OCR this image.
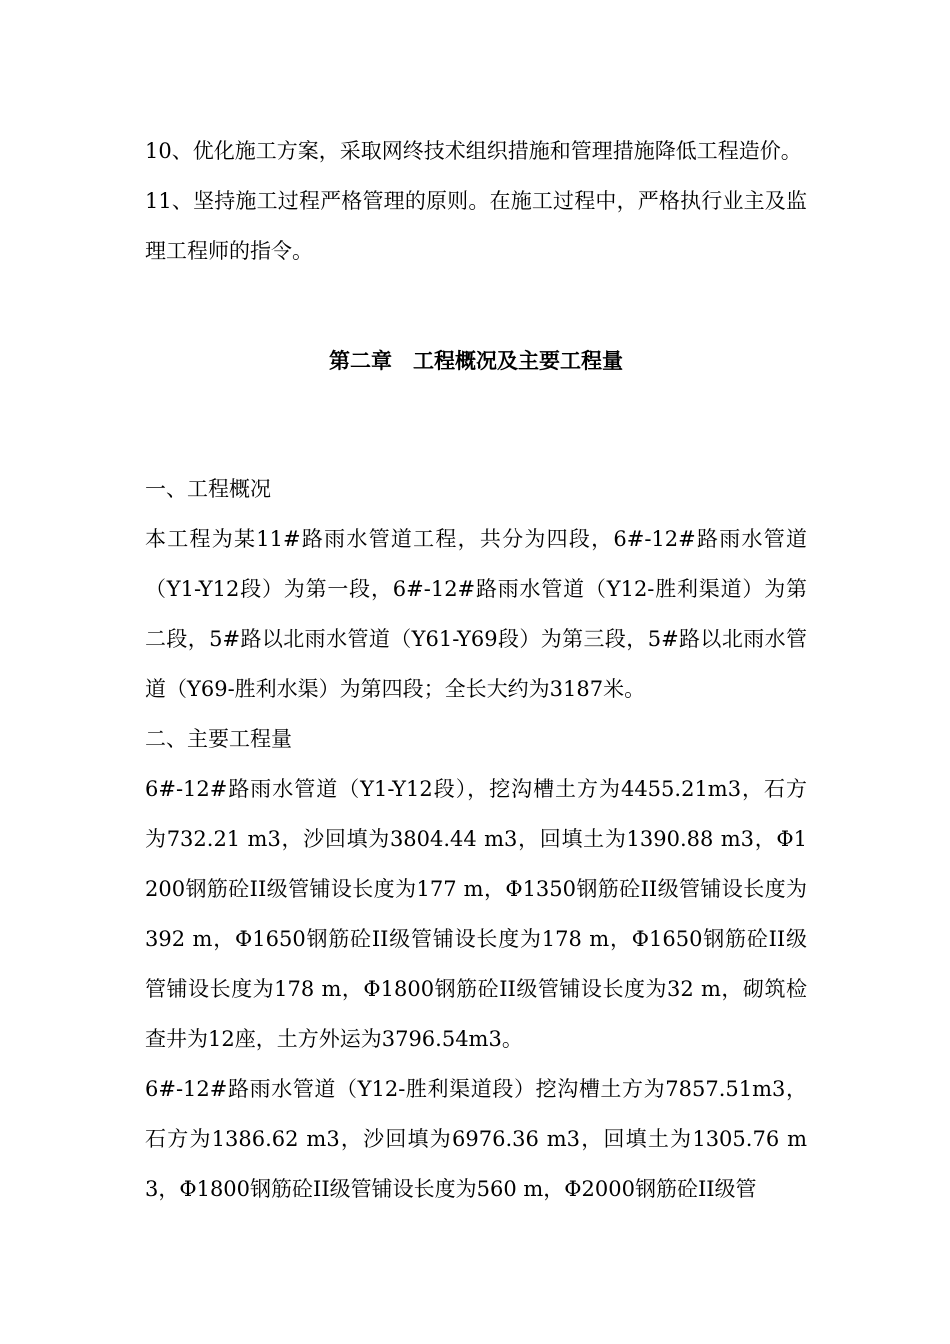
10、优化施工方案，采取网终技术组织措施和管理措施降低工程造价。

11、坚持施工过程严格管理的原则。在施工过程中，严格执行业主及监理工程师的指令。

第二章　工程概况及主要工程量

一、工程概况

本工程为某11#路雨水管道工程，共分为四段，6#-12#路雨水管道（Y1-Y12段）为第一段，6#-12#路雨水管道（Y12-胜利渠道）为第二段，5#路以北雨水管道（Y61-Y69段）为第三段，5#路以北雨水管道（Y69-胜利水渠）为第四段；全长大约为3187米。

二、主要工程量

6#-12#路雨水管道（Y1-Y12段），挖沟槽土方为4455.21m3，石方为732.21 m3，沙回填为3804.44 m3，回填土为1390.88 m3，Φ1200钢筋砼II级管铺设长度为177 m，Φ1350钢筋砼II级管铺设长度为392 m，Φ1650钢筋砼II级管铺设长度为178 m，Φ1650钢筋砼II级管铺设长度为178 m，Φ1800钢筋砼II级管铺设长度为32 m，砌筑检查井为12座，土方外运为3796.54m3。

6#-12#路雨水管道（Y12-胜利渠道段）挖沟槽土方为7857.51m3，石方为1386.62 m3，沙回填为6976.36 m3，回填土为1305.76 m3，Φ1800钢筋砼II级管铺设长度为560 m，Φ2000钢筋砼II级管
